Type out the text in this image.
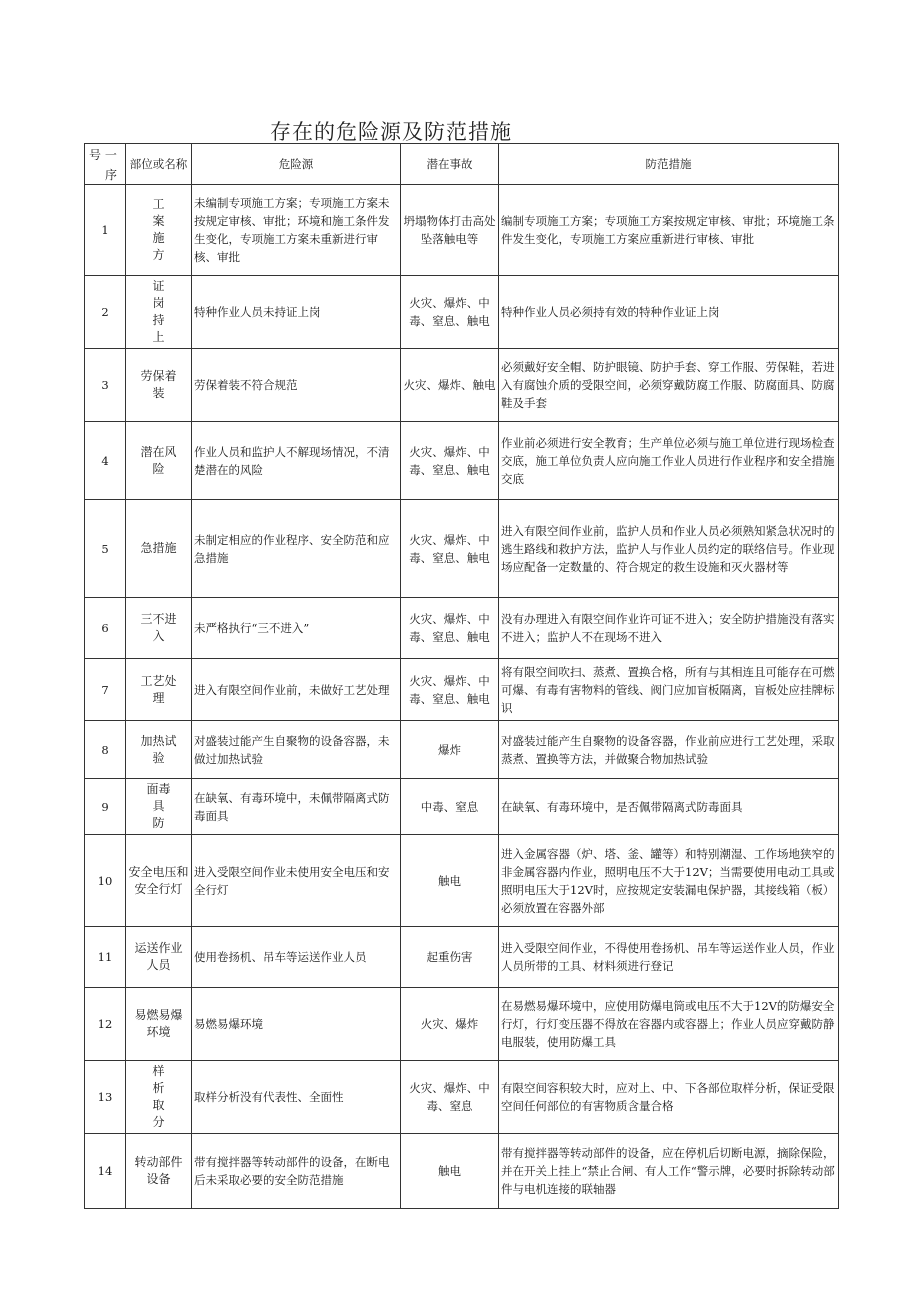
存在的危险源及防范措施
号 一
序	部位或名称	危险源	潜在事故	防范措施
1	工
案
施
方	未编制专项施工方案；专项施工方案未按规定审核、审批；环境和施工条件发生变化，专项施工方案未重新进行审核、审批	坍塌物体打击高处坠落触电等	编制专项施工方案；专项施工方案按规定审核、审批；环境施工条件发生变化，专项施工方案应重新进行审核、审批
2	证
岗
持
上	特种作业人员未持证上岗	火灾、爆炸、中毒、窒息、触电	特种作业人员必须持有效的特种作业证上岗
3	劳保着
装	劳保着装不符合规范	火灾、爆炸、触电	必须戴好安全帽、防护眼镜、防护手套、穿工作服、劳保鞋，若进入有腐蚀介质的受限空间，必须穿戴防腐工作服、防腐面具、防腐鞋及手套
4	潜在风
险	作业人员和监护人不解现场情况，不清楚潜在的风险	火灾、爆炸、中毒、窒息、触电	作业前必须进行安全教育；生产单位必须与施工单位进行现场检查交底，施工单位负责人应向施工作业人员进行作业程序和安全措施交底
5	急措施	未制定相应的作业程序、安全防范和应急措施	火灾、爆炸、中毒、窒息、触电	进入有限空间作业前，监护人员和作业人员必须熟知紧急状况时的逃生路线和救护方法，监护人与作业人员约定的联络信号。作业现场应配备一定数量的、符合规定的救生设施和灭火器材等
6	三不进
入	未严格执行“三不进入”	火灾、爆炸、中毒、窒息、触电	没有办理进入有限空间作业许可证不进入；安全防护措施没有落实不进入；监护人不在现场不进入
7	工艺处
理	进入有限空间作业前，未做好工艺处理	火灾、爆炸、中毒、窒息、触电	将有限空间吹扫、蒸煮、置换合格，所有与其相连且可能存在可燃可爆、有毒有害物料的管线、阀门应加盲板隔离，盲板处应挂牌标识
8	加热试
验	对盛装过能产生自聚物的设备容器，未做过加热试验	爆炸	对盛装过能产生自聚物的设备容器，作业前应进行工艺处理，采取蒸煮、置换等方法，并做聚合物加热试验
9	面毒
具
防	在缺氧、有毒环境中，未佩带隔离式防毒面具	中毒、窒息	在缺氧、有毒环境中，是否佩带隔离式防毒面具
10	安全电压和安全行灯	进入受限空间作业未使用安全电压和安全行灯	触电	进入金属容器（炉、塔、釜、罐等）和特别潮湿、工作场地狭窄的非金属容器内作业，照明电压不大于12V；当需要使用电动工具或照明电压大于12V时，应按规定安装漏电保护器，其接线箱（板）必须放置在容器外部
11	运送作业
人员	使用卷扬机、吊车等运送作业人员	起重伤害	进入受限空间作业，不得使用卷扬机、吊车等运送作业人员，作业人员所带的工具、材料须进行登记
12	易燃易爆
环境	易燃易爆环境	火灾、爆炸	在易燃易爆环境中，应使用防爆电筒或电压不大于12V的防爆安全行灯，行灯变压器不得放在容器内或容器上；作业人员应穿戴防静电服装，使用防爆工具
13	样
析
取
分	取样分析没有代表性、全面性	火灾、爆炸、中毒、窒息	有限空间容积较大时，应对上、中、下各部位取样分析，保证受限空间任何部位的有害物质含量合格
14	转动部件
设备	带有搅拌器等转动部件的设备，在断电后未采取必要的安全防范措施	触电	带有搅拌器等转动部件的设备，应在停机后切断电源，摘除保险，并在开关上挂上“禁止合闸、有人工作“警示牌，必要时拆除转动部件与电机连接的联轴器
